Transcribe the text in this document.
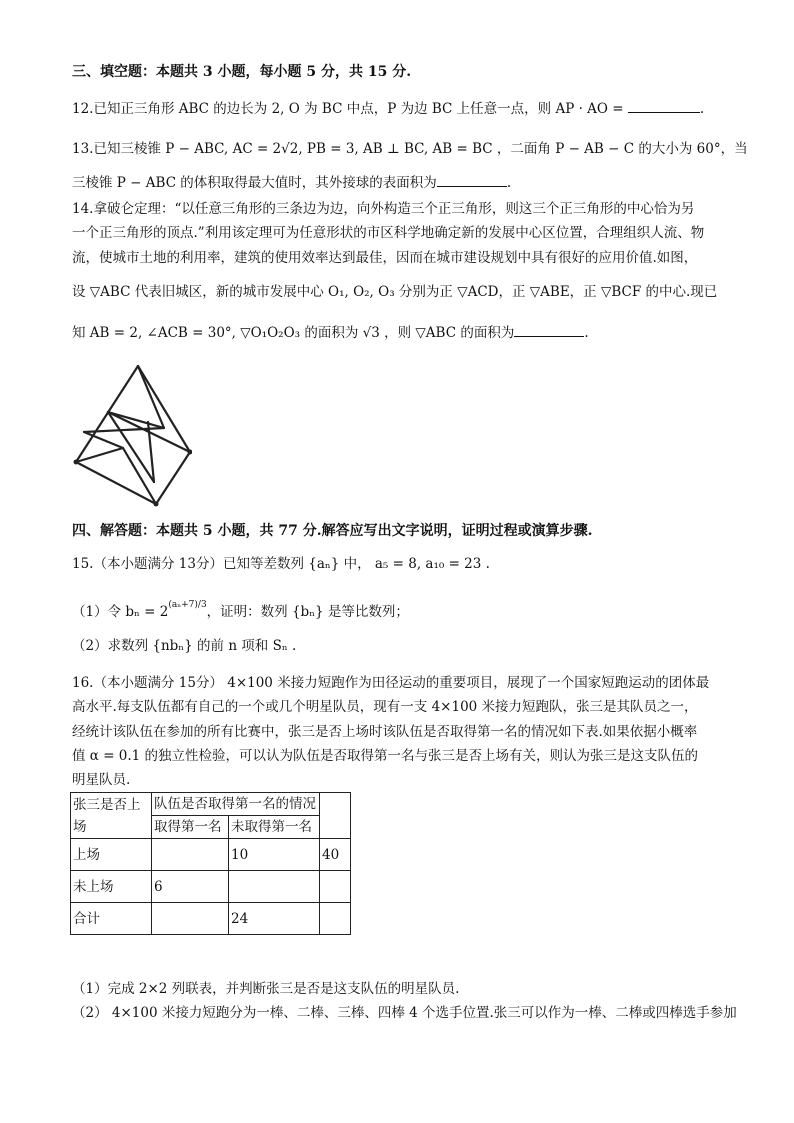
三、填空题：本题共 3 小题，每小题 5 分，共 15 分.
12.已知正三角形 ABC 的边长为 2, O 为 BC 中点，P 为边 BC 上任意一点，则 AP · AO =	.
13.已知三棱锥 P − ABC, AC = 2√2, PB = 3, AB ⊥ BC, AB = BC ，二面角 P − AB − C 的大小为 60°，当
三棱锥 P − ABC 的体积取得最大值时，其外接球的表面积为	.
14.拿破仑定理：“以任意三角形的三条边为边，向外构造三个正三角形，则这三个正三角形的中心恰为另
一个正三角形的顶点.”利用该定理可为任意形状的市区科学地确定新的发展中心区位置，合理组织人流、物
流，使城市土地的利用率，建筑的使用效率达到最佳，因而在城市建设规划中具有很好的应用价值.如图，
设 ▽ABC 代表旧城区，新的城市发展中心 O₁, O₂, O₃ 分别为正 ▽ACD，正 ▽ABE，正 ▽BCF 的中心.现已
知 AB = 2, ∠ACB = 30°, ▽O₁O₂O₃ 的面积为 √3 ，则 ▽ABC 的面积为	.
四、解答题：本题共 5 小题，共 77 分.解答应写出文字说明，证明过程或演算步骤.
15.（本小题满分 13分）已知等差数列 {aₙ} 中， a₅ = 8, a₁₀ = 23 .
（1）令 $b_n = 2^{(a_n+7)/3}$，证明：数列 {bₙ} 是等比数列；
（2）求数列 {nbₙ} 的前 n 项和 Sₙ .
16.（本小题满分 15分） 4×100 米接力短跑作为田径运动的重要项目，展现了一个国家短跑运动的团体最
高水平.每支队伍都有自己的一个或几个明星队员，现有一支 4×100 米接力短跑队，张三是其队员之一，
经统计该队伍在参加的所有比赛中，张三是否上场时该队伍是否取得第一名的情况如下表.如果依据小概率
值 α = 0.1 的独立性检验，可以认为队伍是否取得第一名与张三是否上场有关，则认为张三是这支队伍的
明星队员.
张三是否上场	队伍是否取得第一名的情况		
	取得第一名	未取得第一名	
上场		10	40
未上场	6		
合计		24	
（1）完成 2×2 列联表，并判断张三是否是这支队伍的明星队员.
（2） 4×100 米接力短跑分为一棒、二棒、三棒、四棒 4 个选手位置.张三可以作为一棒、二棒或四棒选手参加
